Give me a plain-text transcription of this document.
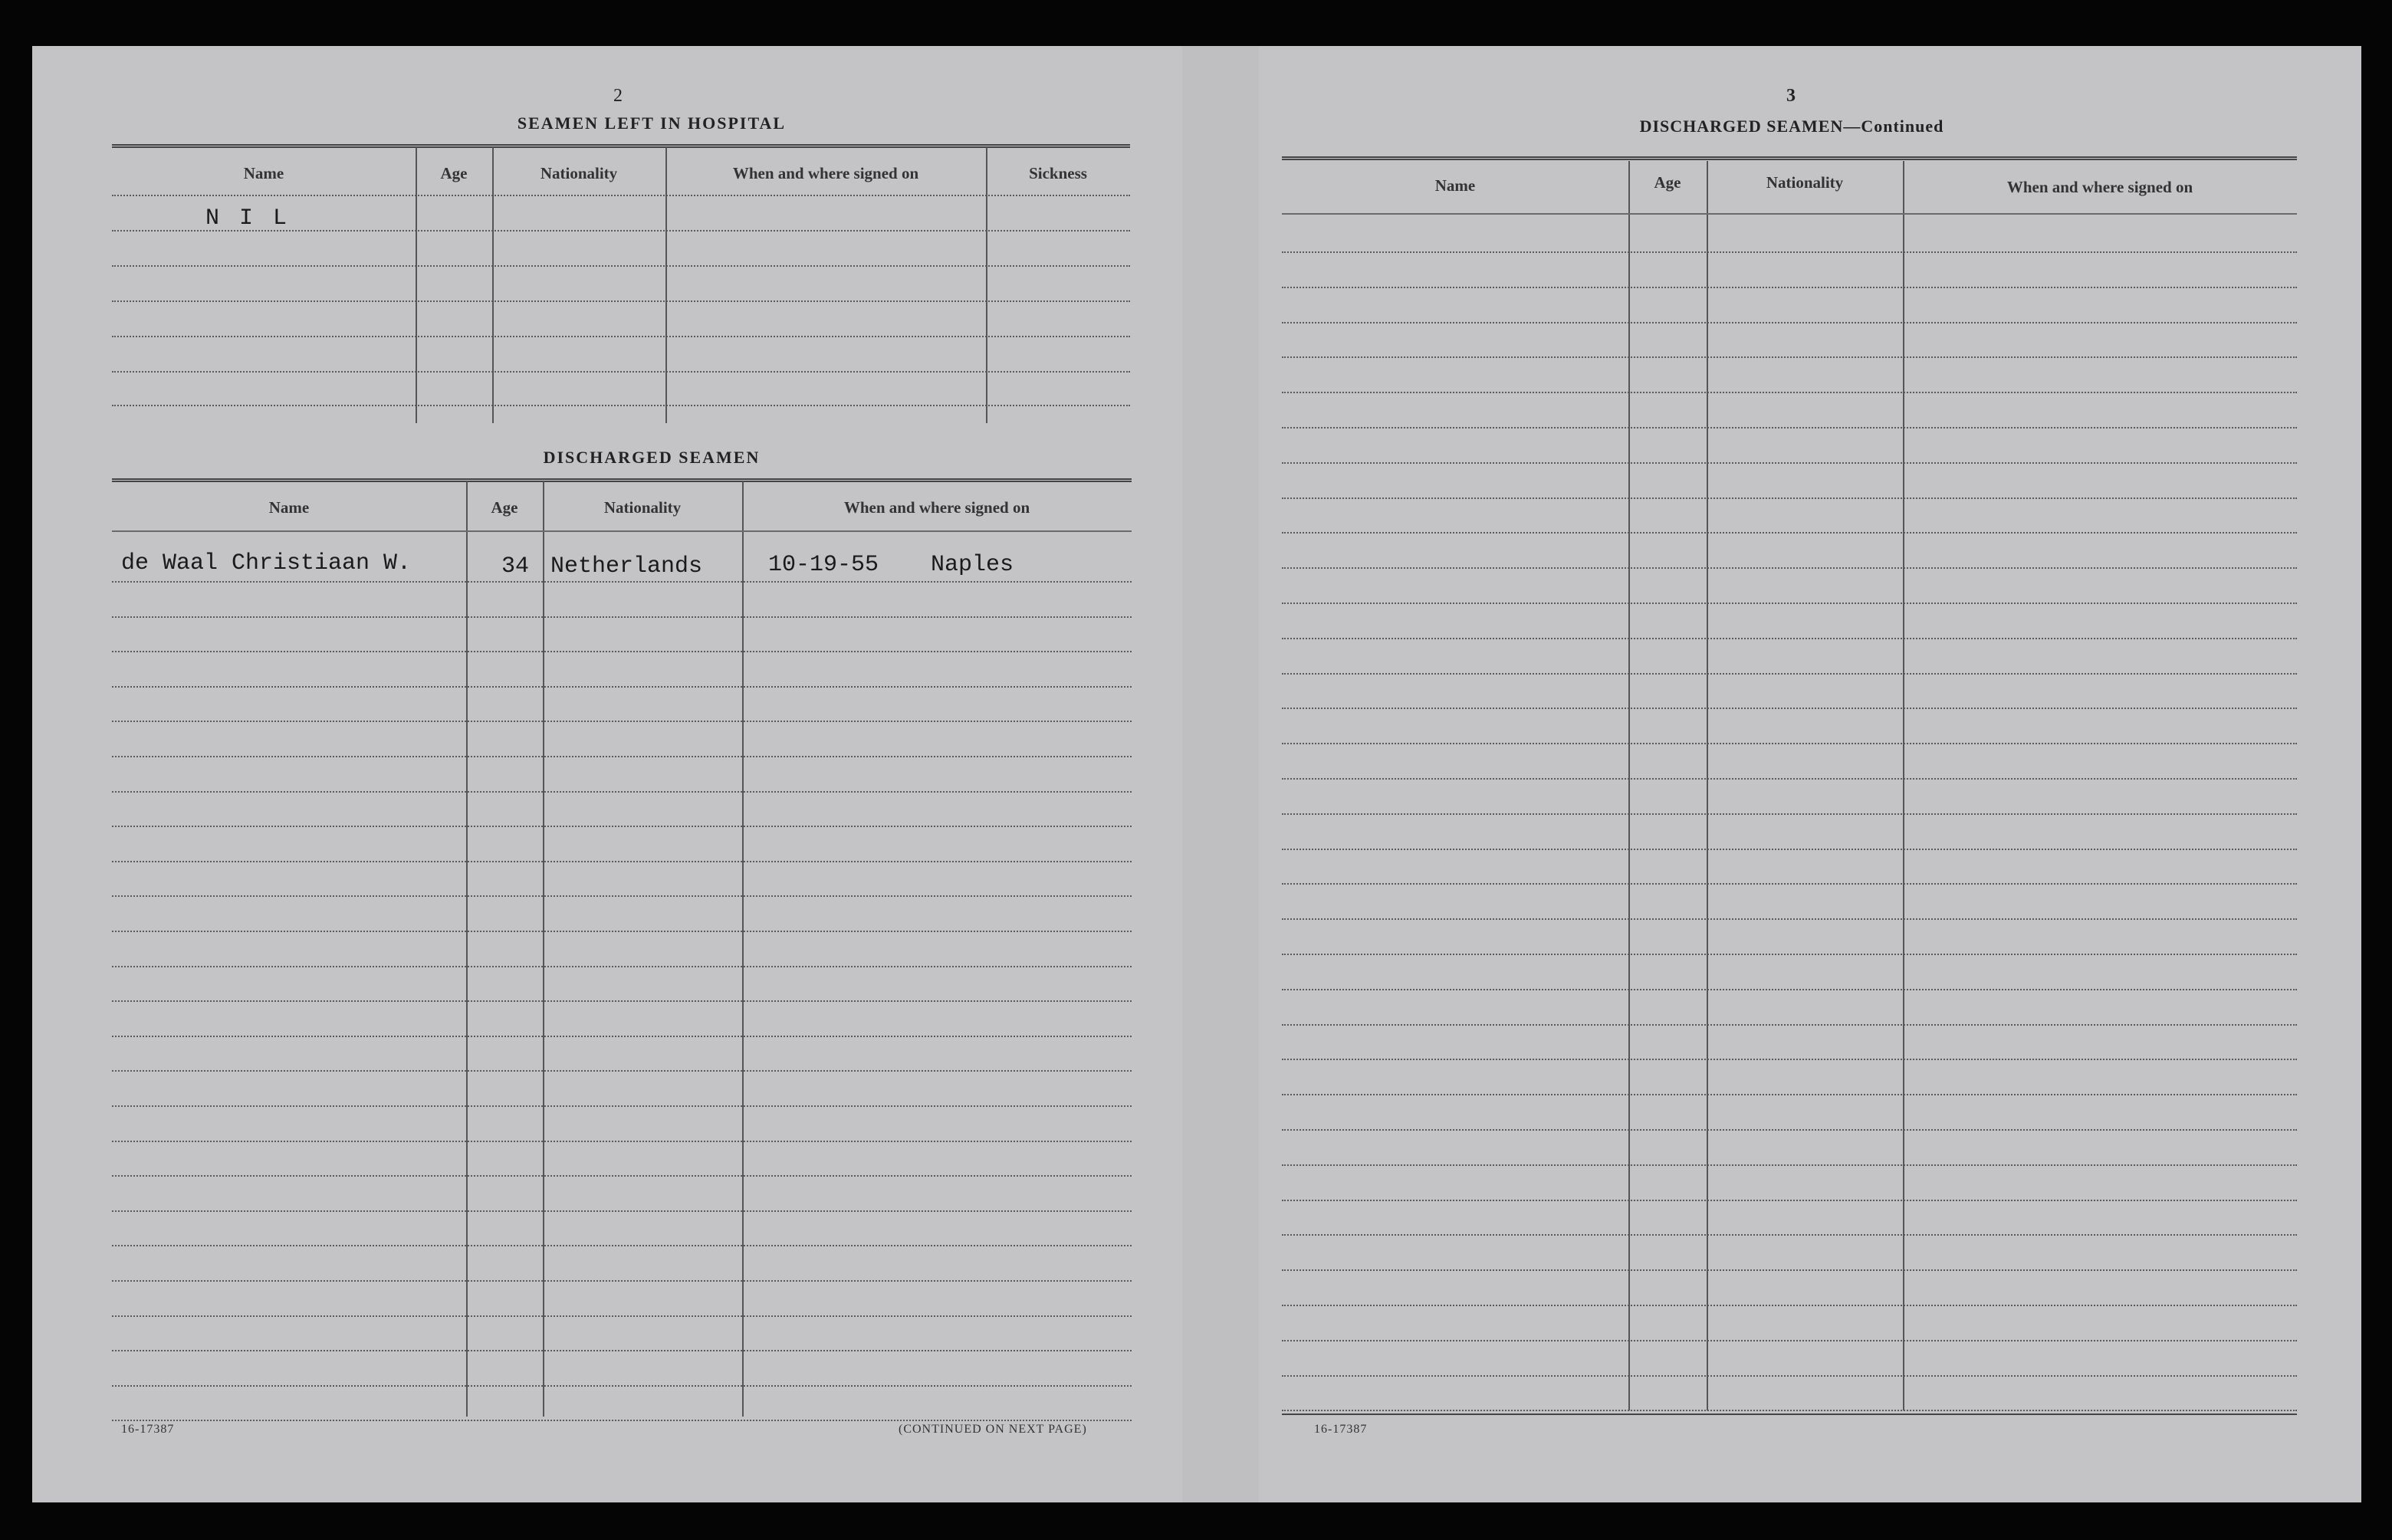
2
SEAMEN LEFT IN HOSPITAL
Name	Age	Nationality	When and where signed on	Sickness
N I L
DISCHARGED SEAMEN
Name	Age	Nationality	When and where signed on
de Waal Christiaan W.	34 Netherlands	10-19-55 Naples
16-17387	(CONTINUED ON NEXT PAGE)
3
DISCHARGED SEAMEN—Continued
Name	Age	Nationality	When and where signed on
16-17387
